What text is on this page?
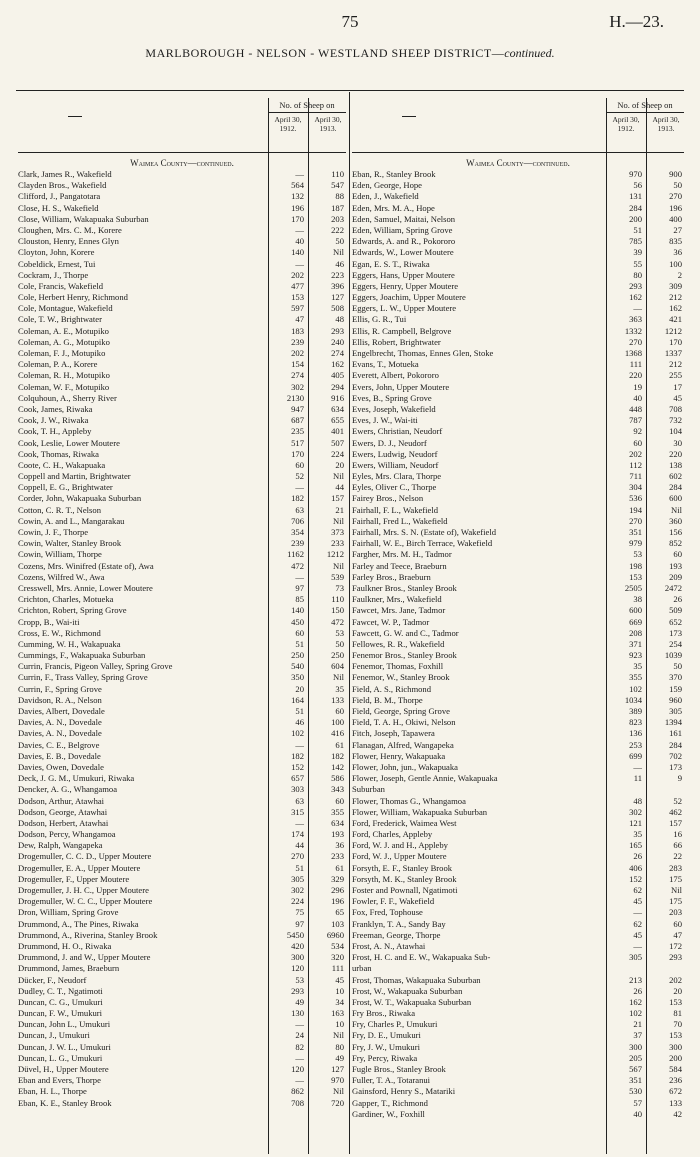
75	H.—23.
MARLBOROUGH - NELSON - WESTLAND SHEEP DISTRICT—continued.
No. of Sheep on
April 30, 1912.
April 30, 1913.
Waimea County—continued.
Clark, James R., Wakefield	—	110
Clayden Bros., Wakefield	564	547
Clifford, J., Pangatotara	132	88
Close, H. S., Wakefield	196	187
Close, William, Wakapuaka Suburban	170	203
Cloughen, Mrs. C. M., Korere	—	222
Clouston, Henry, Ennes Glyn	40	50
Cloyton, John, Korere	140	Nil
Cobeldick, Ernest, Tui	—	46
Cockram, J., Thorpe	202	223
Cole, Francis, Wakefield	477	396
Cole, Herbert Henry, Richmond	153	127
Cole, Montague, Wakefield	597	508
Cole, T. W., Brightwater	47	48
Coleman, A. E., Motupiko	183	293
Coleman, A. G., Motupiko	239	240
Coleman, F. J., Motupiko	202	274
Coleman, P. A., Korere	154	162
Coleman, R. H., Motupiko	274	405
Coleman, W. F., Motupiko	302	294
Colquhoun, A., Sherry River	2130	916
Cook, James, Riwaka	947	634
Cook, J. W., Riwaka	687	655
Cook, T. H., Appleby	235	401
Cook, Leslie, Lower Moutere	517	507
Cook, Thomas, Riwaka	170	224
Coote, C. H., Wakapuaka	60	20
Coppell and Martin, Brightwater	52	Nil
Coppell, E. G., Brightwater	—	44
Corder, John, Wakapuaka Suburban	182	157
Cotton, C. R. T., Nelson	63	21
Cowin, A. and L., Mangarakau	706	Nil
Cowin, J. F., Thorpe	354	373
Cowin, Walter, Stanley Brook	239	233
Cowin, William, Thorpe	1162	1212
Cozens, Mrs. Winifred (Estate of), Awa	472	Nil
Cozens, Wilfred W., Awa	—	539
Cresswell, Mrs. Annie, Lower Moutere	97	73
Crichton, Charles, Motueka	85	110
Crichton, Robert, Spring Grove	140	150
Cropp, B., Wai-iti	450	472
Cross, E. W., Richmond	60	53
Cumming, W. H., Wakapuaka	51	50
Cummings, F., Wakapuaka Suburban	250	250
Currin, Francis, Pigeon Valley, Spring Grove	540	604
Currin, F., Trass Valley, Spring Grove	350	Nil
Currin, F., Spring Grove	20	35
Davidson, R. A., Nelson	164	133
Davies, Albert, Dovedale	51	60
Davies, A. N., Dovedale	46	100
Davies, A. N., Dovedale	102	416
Davies, C. E., Belgrove	—	61
Davies, E. B., Dovedale	182	182
Davies, Owen, Dovedale	152	142
Deck, J. G. M., Umukuri, Riwaka	657	586
Dencker, A. G., Whangamoa	303	343
Dodson, Arthur, Atawhai	63	60
Dodson, George, Atawhai	315	355
Dodson, Herbert, Atawhai	—	634
Dodson, Percy, Whangamoa	174	193
Dew, Ralph, Wangapeka	44	36
Drogemuller, C. C. D., Upper Moutere	270	233
Drogemuller, E. A., Upper Moutere	51	61
Drogemuller, F., Upper Moutere	305	329
Drogemuller, J. H. C., Upper Moutere	302	296
Drogemuller, W. C. C., Upper Moutere	224	196
Dron, William, Spring Grove	75	65
Drummond, A., The Pines, Riwaka	97	103
Drummond, A., Riverina, Stanley Brook	5450	6960
Drummond, H. O., Riwaka	420	534
Drummond, J. and W., Upper Moutere	300	320
Drummond, James, Braeburn	120	111
Dücker, F., Neudorf	53	45
Dudley, C. T., Ngatimoti	293	10
Duncan, C. G., Umukuri	49	34
Duncan, F. W., Umukuri	130	163
Duncan, John L., Umukuri	—	10
Duncan, J., Umukuri	24	Nil
Duncan, J. W. L., Umukuri	82	80
Duncan, L. G., Umukuri	—	49
Düvel, H., Upper Moutere	120	127
Eban and Evers, Thorpe	—	970
Eban, H. L., Thorpe	862	Nil
Eban, K. E., Stanley Brook	708	720
No. of Sheep on
April 30, 1912.
April 30, 1913.
Waimea County—continued.
Eban, R., Stanley Brook	970	900
Eden, George, Hope	56	50
Eden, J., Wakefield	131	270
Eden, Mrs. M. A., Hope	284	196
Eden, Samuel, Maitai, Nelson	200	400
Eden, William, Spring Grove	51	27
Edwards, A. and R., Pokororo	785	835
Edwards, W., Lower Moutere	39	36
Egan, E. S. T., Riwaka	55	100
Eggers, Hans, Upper Moutere	80	2
Eggers, Henry, Upper Moutere	293	309
Eggers, Joachim, Upper Moutere	162	212
Eggers, L. W., Upper Moutere	—	162
Ellis, G. R., Tui	363	421
Ellis, R. Campbell, Belgrove	1332	1212
Ellis, Robert, Brightwater	270	170
Engelbrecht, Thomas, Ennes Glen, Stoke	1368	1337
Evans, T., Motueka	111	212
Everett, Albert, Pokororo	220	255
Evers, John, Upper Moutere	19	17
Eves, B., Spring Grove	40	45
Eves, Joseph, Wakefield	448	708
Eves, J. W., Wai-iti	787	732
Ewers, Christian, Neudorf	92	104
Ewers, D. J., Neudorf	60	30
Ewers, Ludwig, Neudorf	202	220
Ewers, William, Neudorf	112	138
Eyles, Mrs. Clara, Thorpe	711	602
Eyles, Oliver C., Thorpe	304	284
Fairey Bros., Nelson	536	600
Fairhall, F. L., Wakefield	194	Nil
Fairhall, Fred L., Wakefield	270	360
Fairhall, Mrs. S. N. (Estate of), Wakefield	351	156
Fairhall, W. E., Birch Terrace, Wakefield	979	852
Fargher, Mrs. M. H., Tadmor	53	60
Farley and Teece, Braeburn	198	193
Farley Bros., Braeburn	153	209
Faulkner Bros., Stanley Brook	2505	2472
Faulkner, Mrs., Wakefield	38	26
Fawcet, Mrs. Jane, Tadmor	600	509
Fawcet, W. P., Tadmor	669	652
Fawcett, G. W. and C., Tadmor	208	173
Fellowes, R. R., Wakefield	371	254
Fenemor Bros., Stanley Brook	923	1039
Fenemor, Thomas, Foxhill	35	50
Fenemor, W., Stanley Brook	355	370
Field, A. S., Richmond	102	159
Field, B. M., Thorpe	1034	960
Field, George, Spring Grove	389	305
Field, T. A. H., Okiwi, Nelson	823	1394
Fitch, Joseph, Tapawera	136	161
Flanagan, Alfred, Wangapeka	253	284
Flower, Henry, Wakapuaka	699	702
Flower, John, jun., Wakapuaka	—	173
Flower, Joseph, Gentle Annie, Wakapuaka	11	9
Suburban
Flower, Thomas G., Whangamoa	48	52
Flower, William, Wakapuaka Suburban	302	462
Ford, Frederick, Waimea West	121	157
Ford, Charles, Appleby	35	16
Ford, W. J. and H., Appleby	165	66
Ford, W. J., Upper Moutere	26	22
Forsyth, E. F., Stanley Brook	406	283
Forsyth, M. K., Stanley Brook	152	175
Foster and Pownall, Ngatimoti	62	Nil
Fowler, F. F., Wakefield	45	175
Fox, Fred, Tophouse	—	203
Franklyn, T. A., Sandy Bay	62	60
Freeman, George, Thorpe	45	47
Frost, A. N., Atawhai	—	172
Frost, H. C. and E. W., Wakapuaka Sub-	305	293
urban
Frost, Thomas, Wakapuaka Suburban	213	202
Frost, W., Wakapuaka Suburban	26	20
Frost, W. T., Wakapuaka Suburban	162	153
Fry Bros., Riwaka	102	81
Fry, Charles P., Umukuri	21	70
Fry, D. E., Umukuri	37	153
Fry, J. W., Umukuri	300	300
Fry, Percy, Riwaka	205	200
Fugle Bros., Stanley Brook	567	584
Fuller, T. A., Totaranui	351	236
Gainsford, Henry S., Matariki	530	672
Gapper, T., Richmond	57	133
Gardiner, W., Foxhill	40	42
